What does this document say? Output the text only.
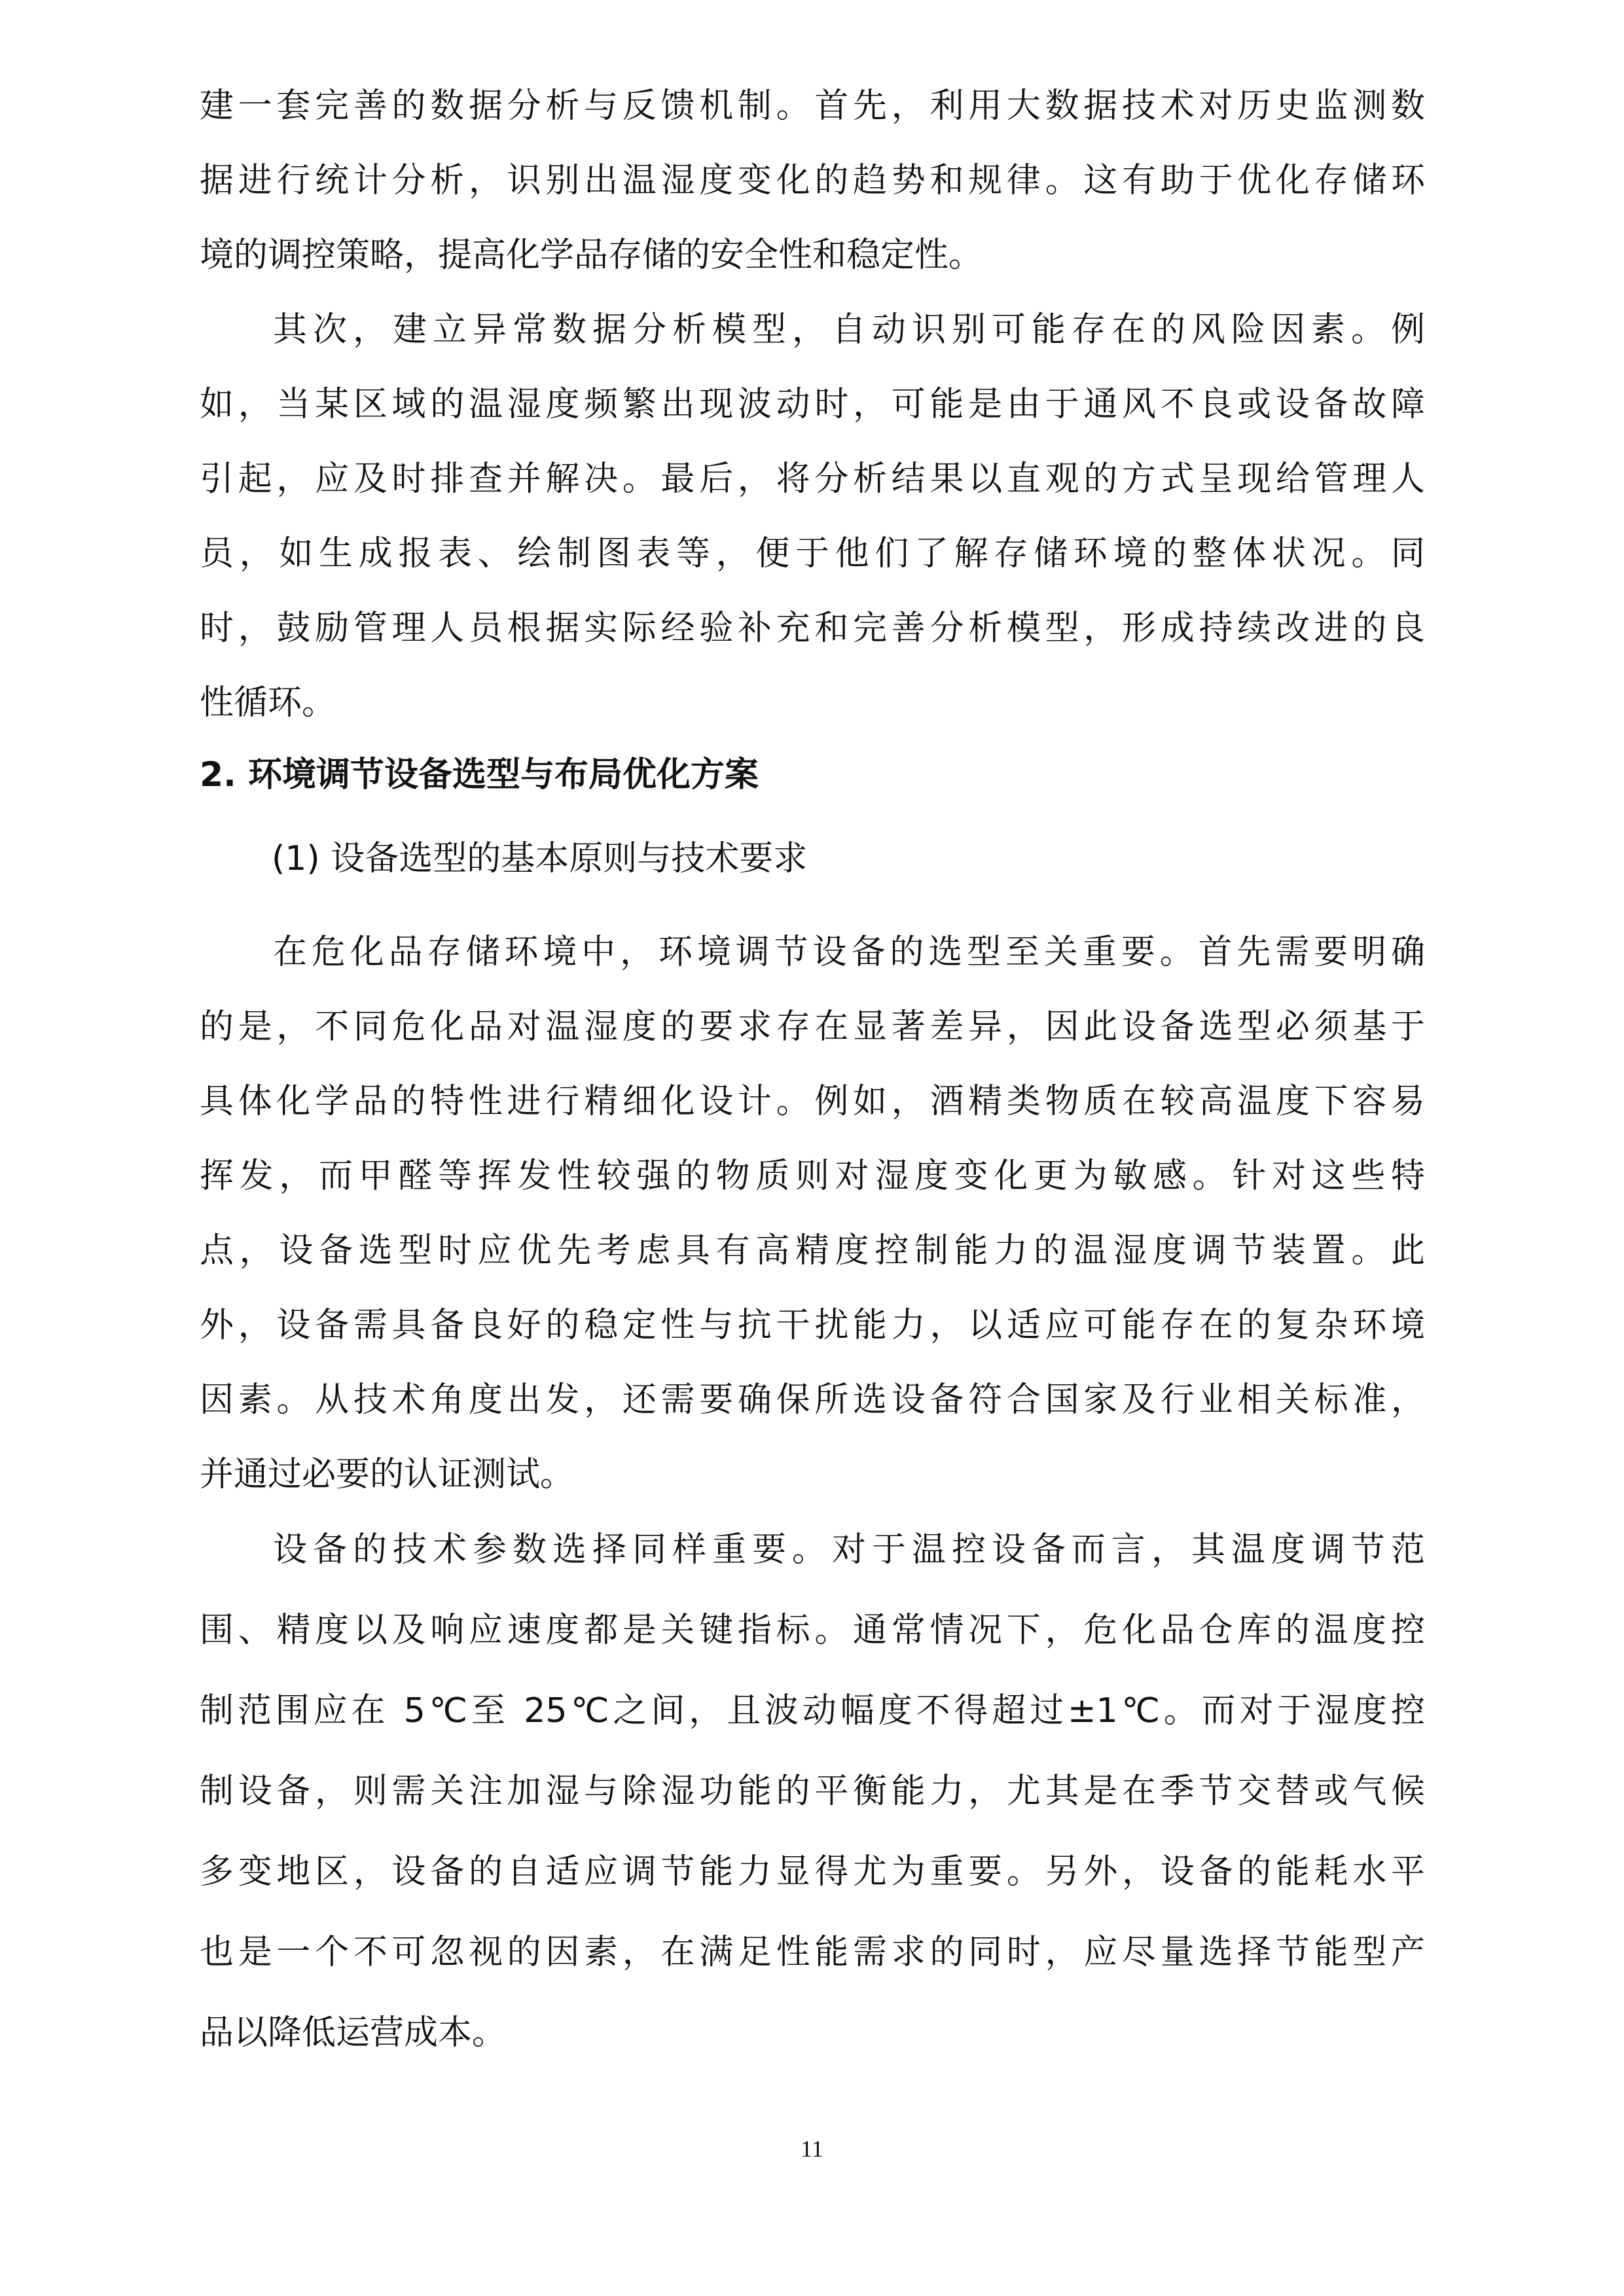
建一套完善的数据分析与反馈机制。首先，利用大数据技术对历史监测数
据进行统计分析，识别出温湿度变化的趋势和规律。这有助于优化存储环
境的调控策略，提高化学品存储的安全性和稳定性。
其次，建立异常数据分析模型，自动识别可能存在的风险因素。例
如，当某区域的温湿度频繁出现波动时，可能是由于通风不良或设备故障
引起，应及时排查并解决。最后，将分析结果以直观的方式呈现给管理人
员，如生成报表、绘制图表等，便于他们了解存储环境的整体状况。同
时，鼓励管理人员根据实际经验补充和完善分析模型，形成持续改进的良
性循环。
2. 环境调节设备选型与布局优化方案
(1) 设备选型的基本原则与技术要求
在危化品存储环境中，环境调节设备的选型至关重要。首先需要明确
的是，不同危化品对温湿度的要求存在显著差异，因此设备选型必须基于
具体化学品的特性进行精细化设计。例如，酒精类物质在较高温度下容易
挥发，而甲醛等挥发性较强的物质则对湿度变化更为敏感。针对这些特
点，设备选型时应优先考虑具有高精度控制能力的温湿度调节装置。此
外，设备需具备良好的稳定性与抗干扰能力，以适应可能存在的复杂环境
因素。从技术角度出发，还需要确保所选设备符合国家及行业相关标准，
并通过必要的认证测试。
设备的技术参数选择同样重要。对于温控设备而言，其温度调节范
围、精度以及响应速度都是关键指标。通常情况下，危化品仓库的温度控
制范围应在 5℃至 25℃之间，且波动幅度不得超过±1℃。而对于湿度控
制设备，则需关注加湿与除湿功能的平衡能力，尤其是在季节交替或气候
多变地区，设备的自适应调节能力显得尤为重要。另外，设备的能耗水平
也是一个不可忽视的因素，在满足性能需求的同时，应尽量选择节能型产
品以降低运营成本。
11
